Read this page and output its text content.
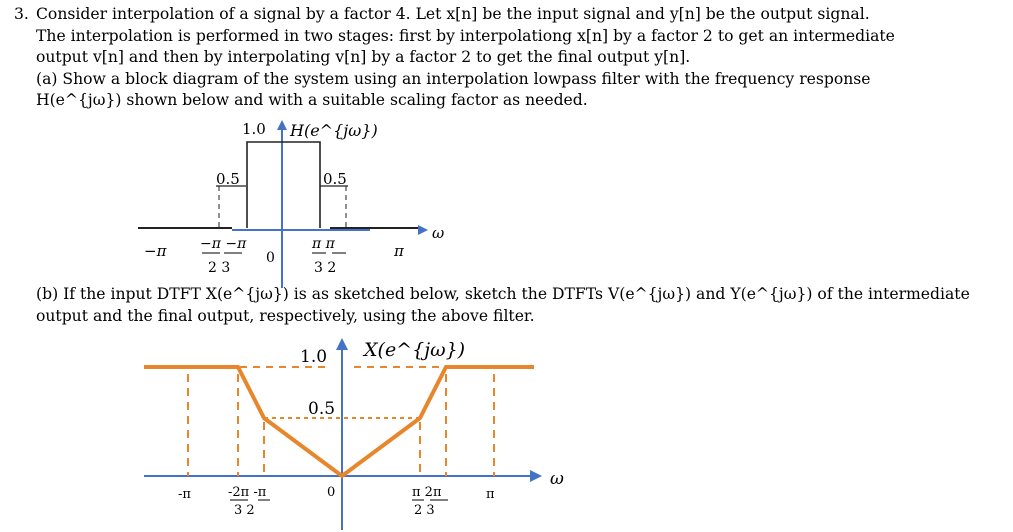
3. Consider interpolation of a signal by a factor 4. Let x[n] be the input signal and y[n] be the output signal.

The interpolation is performed in two stages: first by interpolationg x[n] by a factor 2 to get an intermediate

output v[n] and then by interpolating v[n] by a factor 2 to get the final output y[n].

(a) Show a block diagram of the system using an interpolation lowpass filter with the frequency response

H(e^{jω}) shown below and with a suitable scaling factor as needed.

1.0 H(e^{jω})
0.5	0.5
ω
−π −π −π
2 3
0
π π
3 2
π

(b) If the input DTFT X(e^{jω}) is as sketched below, sketch the DTFTs V(e^{jω}) and Y(e^{jω}) of the intermediate

output and the final output, respectively, using the above filter.

1.0 X(e^{jω})
0.5
ω
-π	-2π -π
3 2
0	π 2π
2 3
π
